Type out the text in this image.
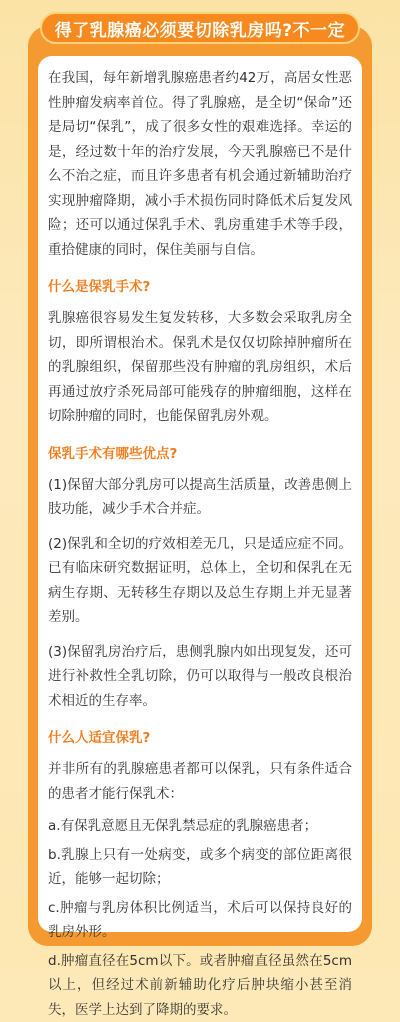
得了乳腺癌必须要切除乳房吗?不一定

在我国，每年新增乳腺癌患者约42万，高居女性恶性肿瘤发病率首位。得了乳腺癌，是全切“保命”还是局切“保乳”，成了很多女性的艰难选择。幸运的是，经过数十年的治疗发展，今天乳腺癌已不是什么不治之症，而且许多患者有机会通过新辅助治疗实现肿瘤降期，减小手术损伤同时降低术后复发风险；还可以通过保乳手术、乳房重建手术等手段，重拾健康的同时，保住美丽与自信。

什么是保乳手术?

乳腺癌很容易发生复发转移，大多数会采取乳房全切，即所谓根治术。保乳术是仅仅切除掉肿瘤所在的乳腺组织，保留那些没有肿瘤的乳房组织，术后再通过放疗杀死局部可能残存的肿瘤细胞，这样在切除肿瘤的同时，也能保留乳房外观。

保乳手术有哪些优点?

(1)保留大部分乳房可以提高生活质量，改善患侧上肢功能，减少手术合并症。

(2)保乳和全切的疗效相差无几，只是适应症不同。已有临床研究数据证明，总体上，全切和保乳在无病生存期、无转移生存期以及总生存期上并无显著差别。

(3)保留乳房治疗后，患侧乳腺内如出现复发，还可进行补救性全乳切除，仍可以取得与一般改良根治术相近的生存率。

什么人适宜保乳?

并非所有的乳腺癌患者都可以保乳，只有条件适合的患者才能行保乳术：

a.有保乳意愿且无保乳禁忌症的乳腺癌患者；

b.乳腺上只有一处病变，或多个病变的部位距离很近，能够一起切除；

c.肿瘤与乳房体积比例适当，术后可以保持良好的乳房外形。

d.肿瘤直径在5cm以下。或者肿瘤直径虽然在5cm以上，但经过术前新辅助化疗后肿块缩小甚至消失，医学上达到了降期的要求。
